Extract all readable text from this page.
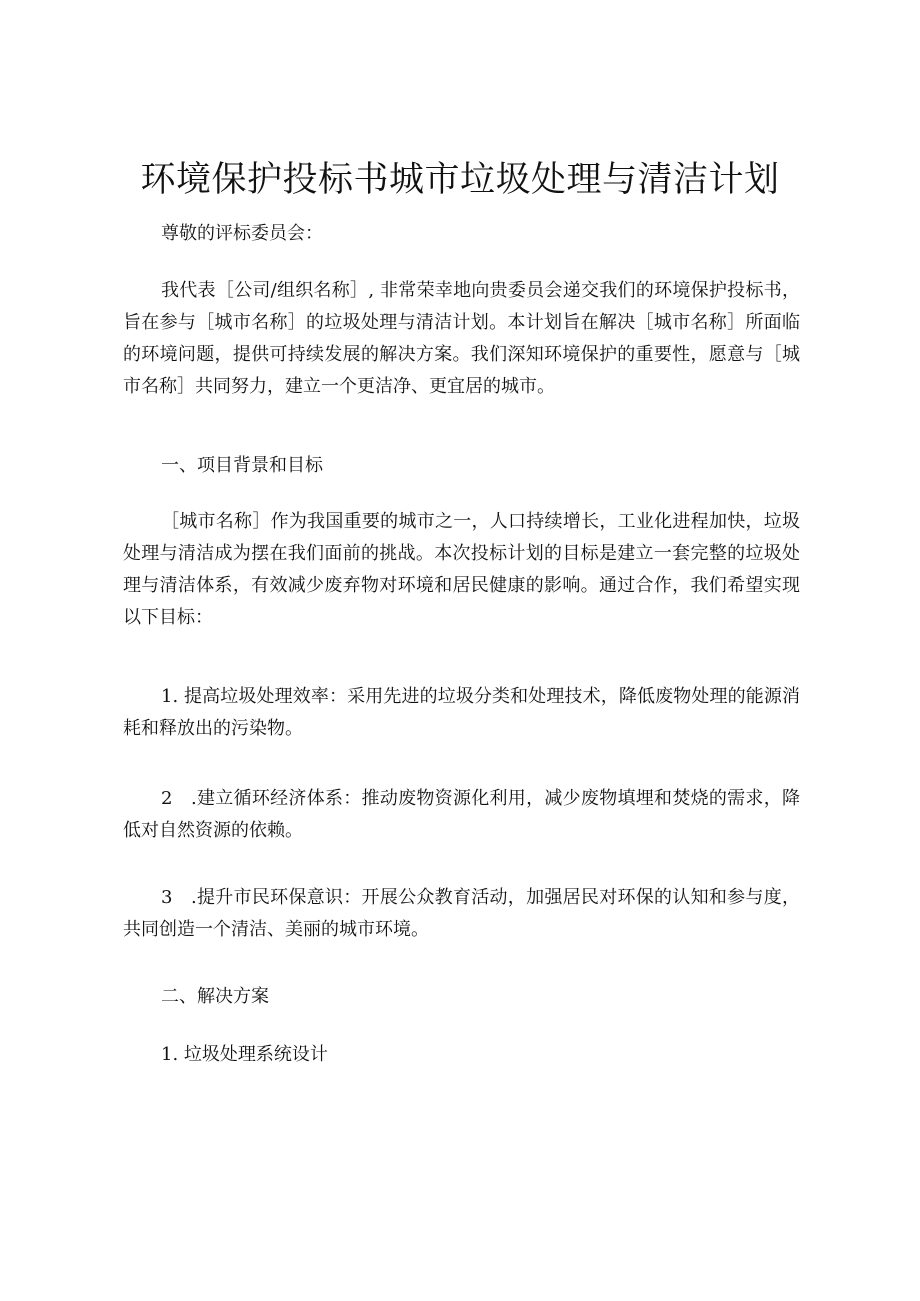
环境保护投标书城市垃圾处理与清洁计划
尊敬的评标委员会：

我代表［公司/组织名称］, 非常荣幸地向贵委员会递交我们的环境保护投标书，旨在参与［城市名称］的垃圾处理与清洁计划。本计划旨在解决［城市名称］所面临的环境问题，提供可持续发展的解决方案。我们深知环境保护的重要性，愿意与［城市名称］共同努力，建立一个更洁净、更宜居的城市。

一、项目背景和目标

［城市名称］作为我国重要的城市之一，人口持续增长，工业化进程加快，垃圾处理与清洁成为摆在我们面前的挑战。本次投标计划的目标是建立一套完整的垃圾处理与清洁体系，有效减少废弃物对环境和居民健康的影响。通过合作，我们希望实现以下目标：

1. 提高垃圾处理效率：采用先进的垃圾分类和处理技术，降低废物处理的能源消耗和释放出的污染物。

2　.建立循环经济体系：推动废物资源化利用，减少废物填埋和焚烧的需求，降低对自然资源的依赖。

3　.提升市民环保意识：开展公众教育活动，加强居民对环保的认知和参与度，共同创造一个清洁、美丽的城市环境。

二、解决方案
1. 垃圾处理系统设计
